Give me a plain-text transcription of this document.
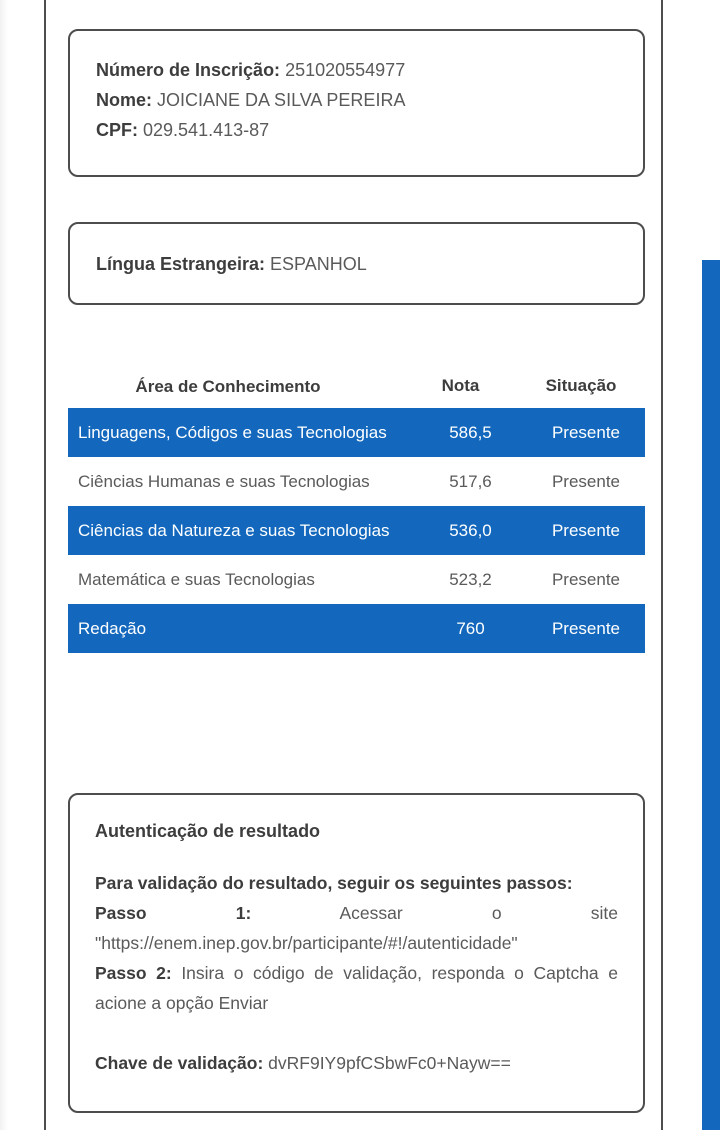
Número de Inscrição: 251020554977
Nome: JOICIANE DA SILVA PEREIRA
CPF: 029.541.413-87
Língua Estrangeira: ESPANHOL
Área de Conhecimento	Nota	Situação
Linguagens, Códigos e suas Tecnologias	586,5	Presente
Ciências Humanas e suas Tecnologias	517,6	Presente
Ciências da Natureza e suas Tecnologias	536,0	Presente
Matemática e suas Tecnologias	523,2	Presente
Redação	760	Presente
Autenticação de resultado

Para validação do resultado, seguir os seguintes passos:
Passo 1:	Acessar o site "https://enem.inep.gov.br/participante/#!/autenticidade"
Passo 2: Insira o código de validação, responda o Captcha e acione a opção Enviar

Chave de validação: dvRF9IY9pfCSbwFc0+Nayw==
